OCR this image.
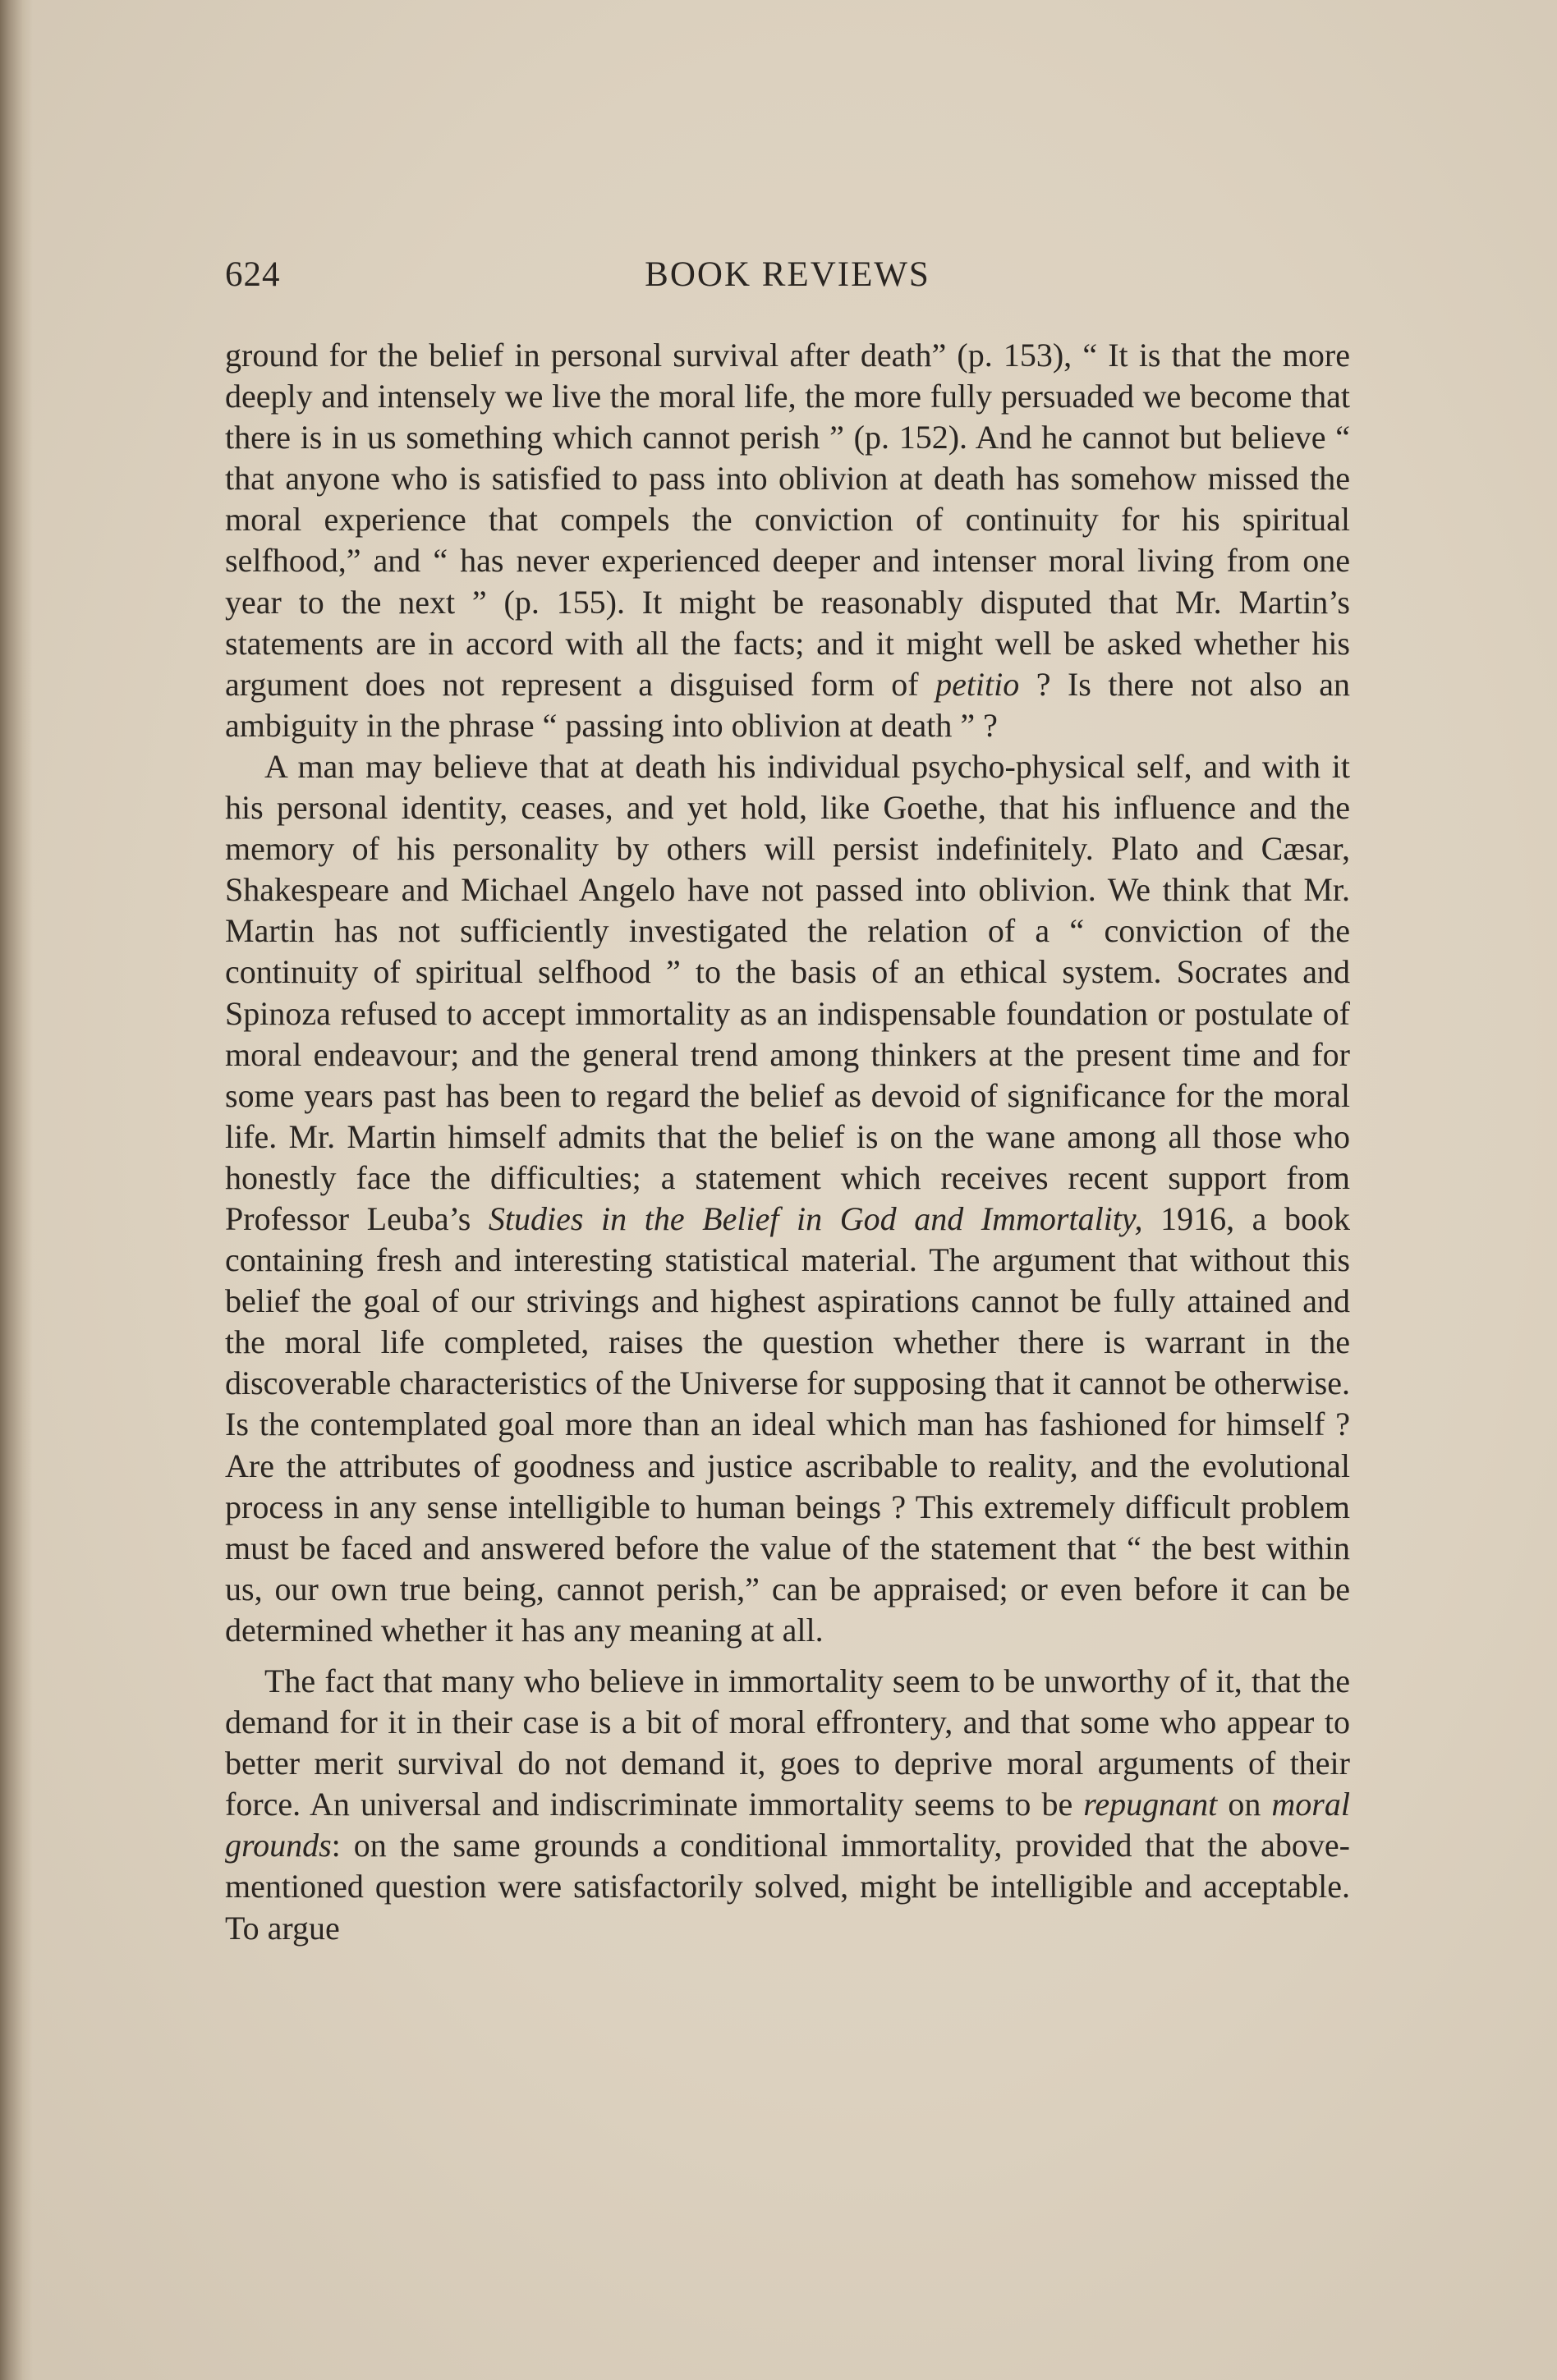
624	BOOK REVIEWS

ground for the belief in personal survival after death” (p. 153), “ It is that the more deeply and intensely we live the moral life, the more fully persuaded we become that there is in us something which cannot perish ” (p. 152). And he cannot but believe “ that anyone who is satisfied to pass into oblivion at death has somehow missed the moral experience that compels the conviction of continuity for his spiritual selfhood,” and “ has never experienced deeper and intenser moral living from one year to the next ” (p. 155). It might be reasonably disputed that Mr. Martin’s statements are in accord with all the facts; and it might well be asked whether his argument does not represent a disguised form of petitio ? Is there not also an ambiguity in the phrase “ passing into oblivion at death ” ?

A man may believe that at death his individual psycho-physical self, and with it his personal identity, ceases, and yet hold, like Goethe, that his influence and the memory of his personality by others will persist indefinitely. Plato and Cæsar, Shakespeare and Michael Angelo have not passed into oblivion. We think that Mr. Martin has not sufficiently investigated the relation of a “ conviction of the continuity of spiritual selfhood ” to the basis of an ethical system. Socrates and Spinoza refused to accept immortality as an indispensable foundation or postulate of moral endeavour; and the general trend among thinkers at the present time and for some years past has been to regard the belief as devoid of significance for the moral life. Mr. Martin himself admits that the belief is on the wane among all those who honestly face the difficulties; a statement which receives recent support from Professor Leuba’s Studies in the Belief in God and Immortality, 1916, a book containing fresh and interesting statistical material. The argument that without this belief the goal of our strivings and highest aspirations cannot be fully attained and the moral life completed, raises the question whether there is warrant in the discoverable characteristics of the Universe for supposing that it cannot be otherwise. Is the contemplated goal more than an ideal which man has fashioned for himself ? Are the attributes of goodness and justice ascribable to reality, and the evolutional process in any sense intelligible to human beings ? This extremely difficult problem must be faced and answered before the value of the statement that “ the best within us, our own true being, cannot perish,” can be appraised; or even before it can be determined whether it has any meaning at all.

The fact that many who believe in immortality seem to be unworthy of it, that the demand for it in their case is a bit of moral effrontery, and that some who appear to better merit survival do not demand it, goes to deprive moral arguments of their force. An universal and indiscriminate immortality seems to be repugnant on moral grounds: on the same grounds a conditional immortality, provided that the above-mentioned question were satisfactorily solved, might be intelligible and acceptable. To argue
